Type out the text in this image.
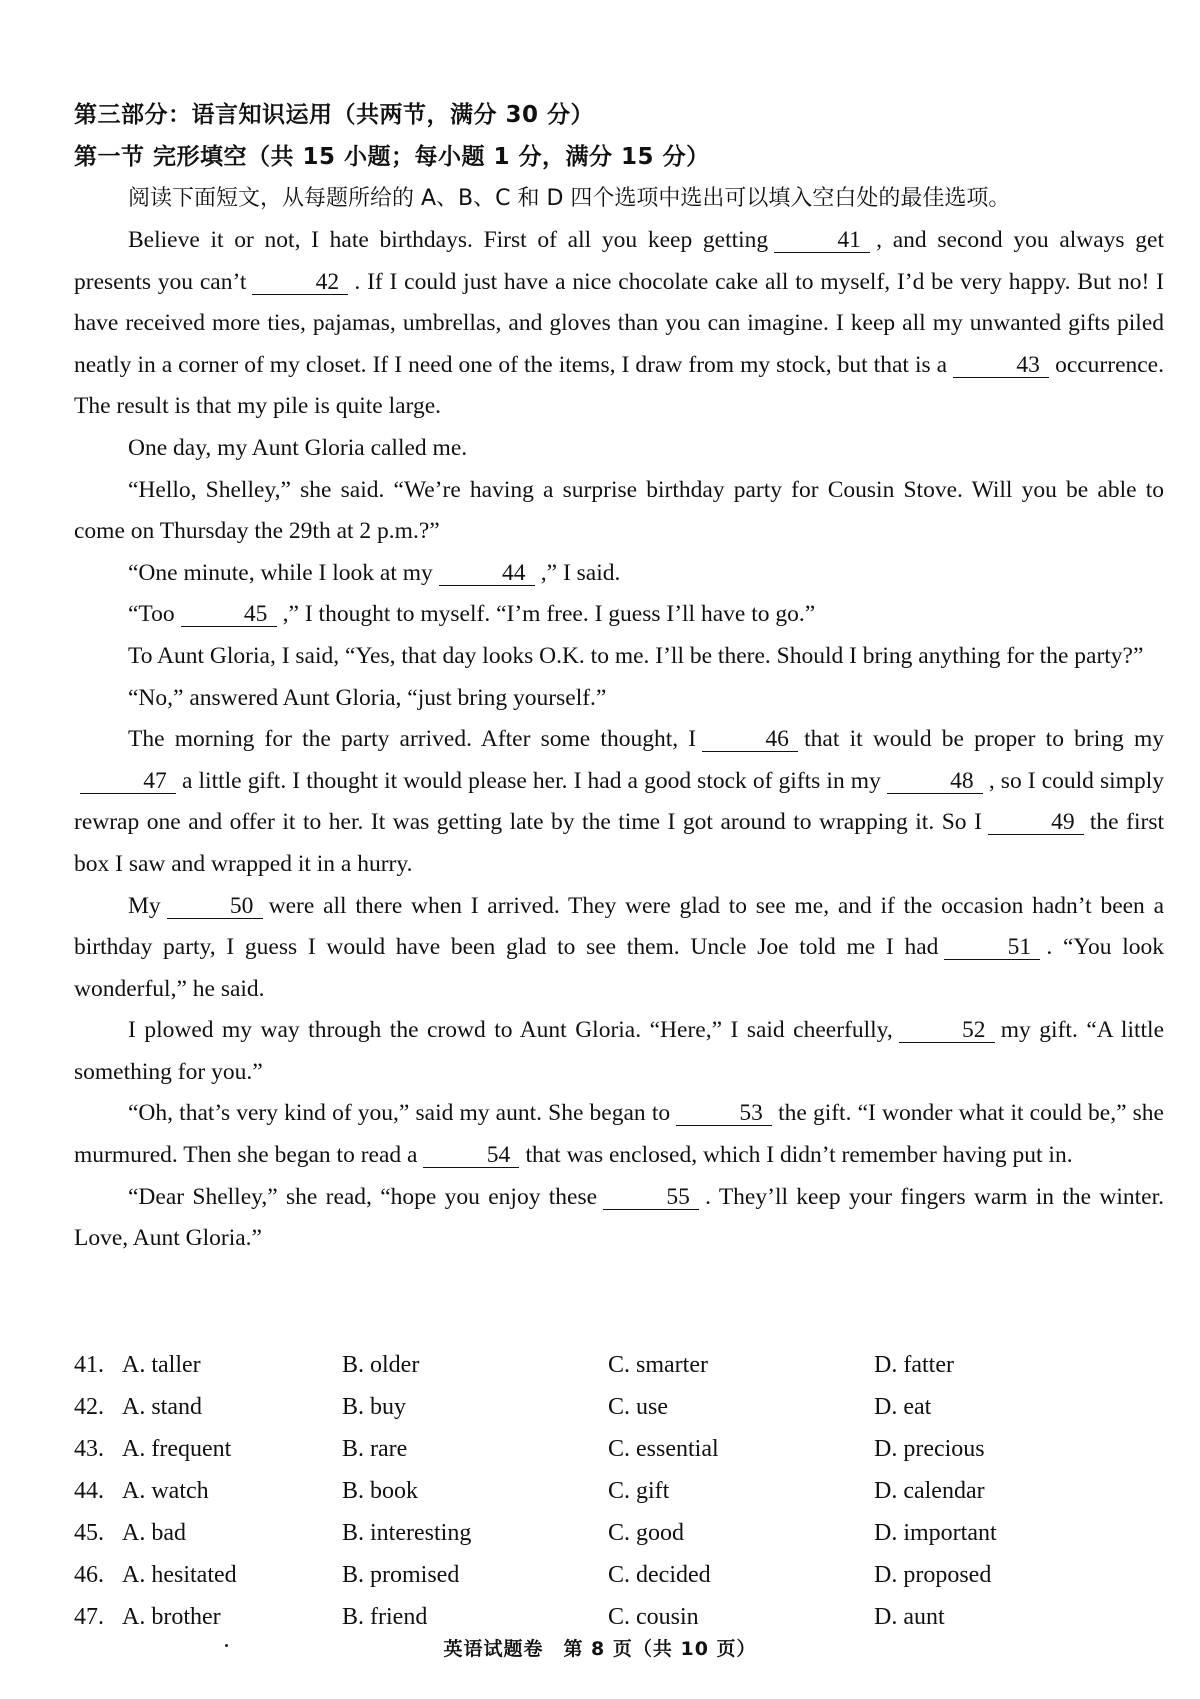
第三部分：语言知识运用（共两节，满分 30 分）
第一节 完形填空（共 15 小题；每小题 1 分，满分 15 分）
阅读下面短文，从每题所给的 A、B、C 和 D 四个选项中选出可以填入空白处的最佳选项。

Believe it or not, I hate birthdays. First of all you keep getting	41 , and second you always get presents you can’t	42 . If I could just have a nice chocolate cake all to myself, I’d be very happy. But no! I have received more ties, pajamas, umbrellas, and gloves than you can imagine. I keep all my unwanted gifts piled neatly in a corner of my closet. If I need one of the items, I draw from my stock, but that is a	43 occurrence. The result is that my pile is quite large.

One day, my Aunt Gloria called me.

“Hello, Shelley,” she said. “We’re having a surprise birthday party for Cousin Stove. Will you be able to come on Thursday the 29th at 2 p.m.?”

“One minute, while I look at my	44 ,” I said.

“Too	45 ,” I thought to myself. “I’m free. I guess I’ll have to go.”

To Aunt Gloria, I said, “Yes, that day looks O.K. to me. I’ll be there. Should I bring anything for the party?”

“No,” answered Aunt Gloria, “just bring yourself.”

The morning for the party arrived. After some thought, I	46 that it would be proper to bring my47 a little gift. I thought it would please her. I had a good stock of gifts in my	48 , so I could simply rewrap one and offer it to her. It was getting late by the time I got around to wrapping it. So I	49 the first box I saw and wrapped it in a hurry.

My	50 were all there when I arrived. They were glad to see me, and if the occasion hadn’t been a birthday party, I guess I would have been glad to see them. Uncle Joe told me I had	51 . “You look wonderful,” he said.

I plowed my way through the crowd to Aunt Gloria. “Here,” I said cheerfully,	52 my gift. “A little something for you.”

“Oh, that’s very kind of you,” said my aunt. She began to	53 the gift. “I wonder what it could be,” she murmured. Then she began to read a	54 that was enclosed, which I didn’t remember having put in.

“Dear Shelley,” she read, “hope you enjoy these	55 . They’ll keep your fingers warm in the winter. Love, Aunt Gloria.”

41. A. taller	B. older	C. smarter	D. fatter
42. A. stand	B. buy	C. use	D. eat
43. A. frequent	B. rare	C. essential	D. precious
44. A. watch	B. book	C. gift	D. calendar
45. A. bad	B. interesting	C. good	D. important
46. A. hesitated	B. promised	C. decided	D. proposed
47. A. brother	B. friend	C. cousin	D. aunt
英语试题卷　第 8 页（共 10 页）
